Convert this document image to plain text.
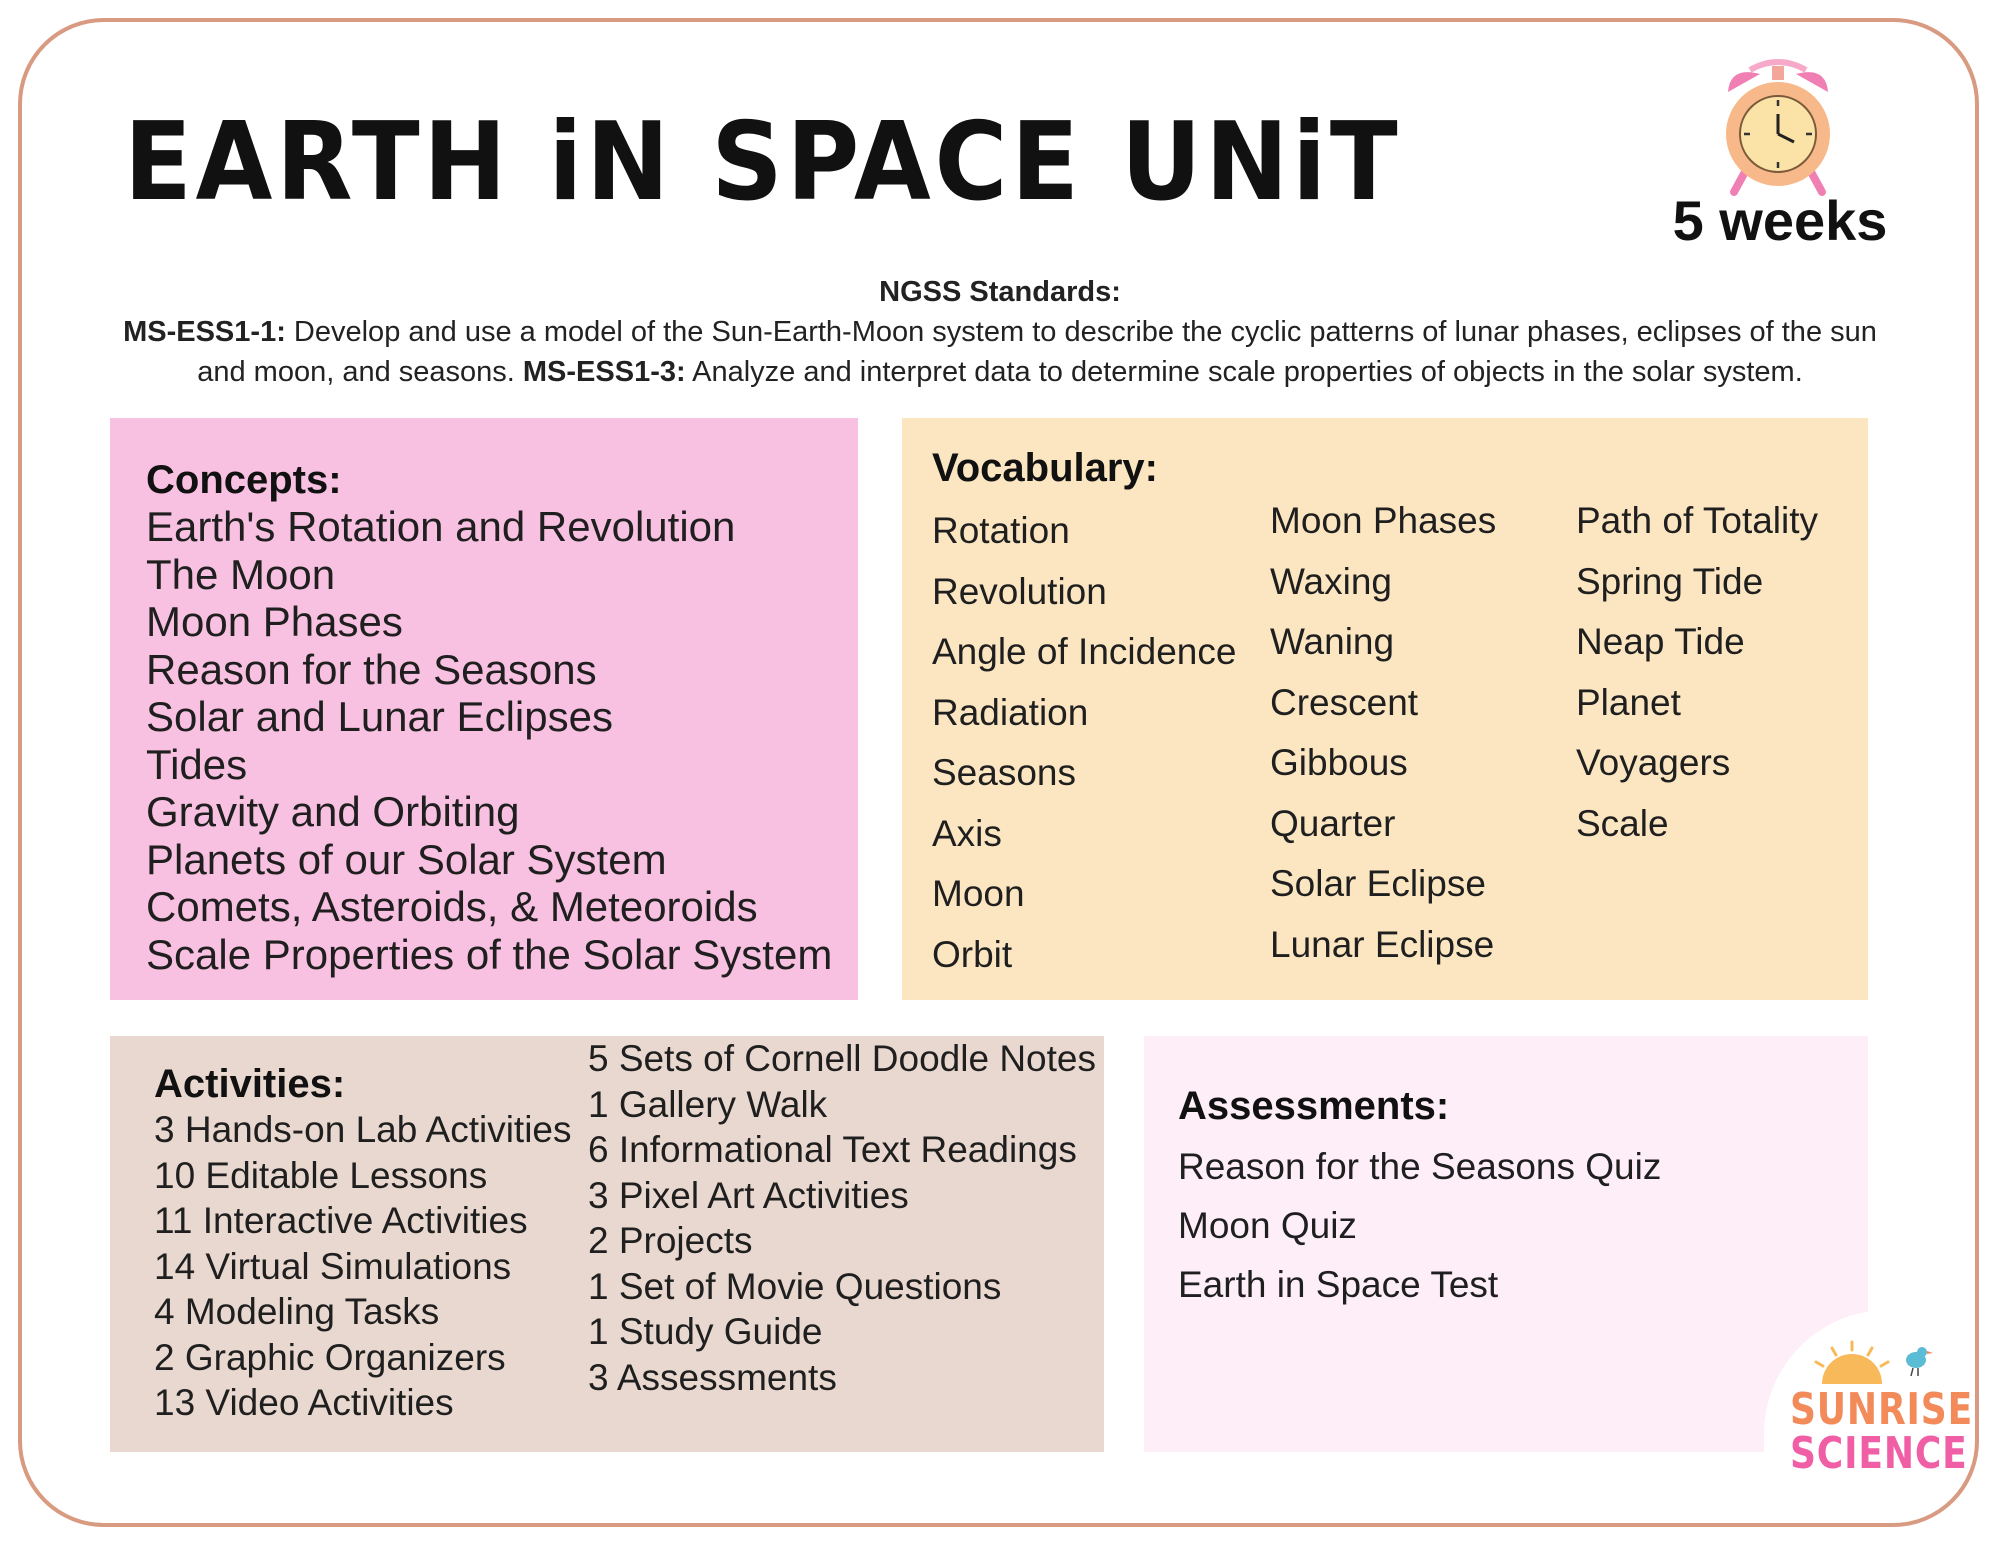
EARTH iN SPACE UNiT	5 weeks
NGSS Standards:
MS-ESS1-1: Develop and use a model of the Sun-Earth-Moon system to describe the cyclic patterns of lunar phases, eclipses of the sun and moon, and seasons. MS-ESS1-3: Analyze and interpret data to determine scale properties of objects in the solar system.
Concepts:
Earth's Rotation and Revolution
The Moon
Moon Phases
Reason for the Seasons
Solar and Lunar Eclipses
Tides
Gravity and Orbiting
Planets of our Solar System
Comets, Asteroids, & Meteoroids
Scale Properties of the Solar System
Vocabulary:
Rotation
Revolution
Angle of Incidence
Radiation
Seasons
Axis
Moon
Orbit
Moon Phases
Waxing
Waning
Crescent
Gibbous
Quarter
Solar Eclipse
Lunar Eclipse
Path of Totality
Spring Tide
Neap Tide
Planet
Voyagers
Scale
Activities:
3 Hands-on Lab Activities
10 Editable Lessons
11 Interactive Activities
14 Virtual Simulations
4 Modeling Tasks
2 Graphic Organizers
13 Video Activities
5 Sets of Cornell Doodle Notes
1 Gallery Walk
6 Informational Text Readings
3 Pixel Art Activities
2 Projects
1 Set of Movie Questions
1 Study Guide
3 Assessments
Assessments:
Reason for the Seasons Quiz
Moon Quiz
Earth in Space Test
SUNRISE
SCIENCE
